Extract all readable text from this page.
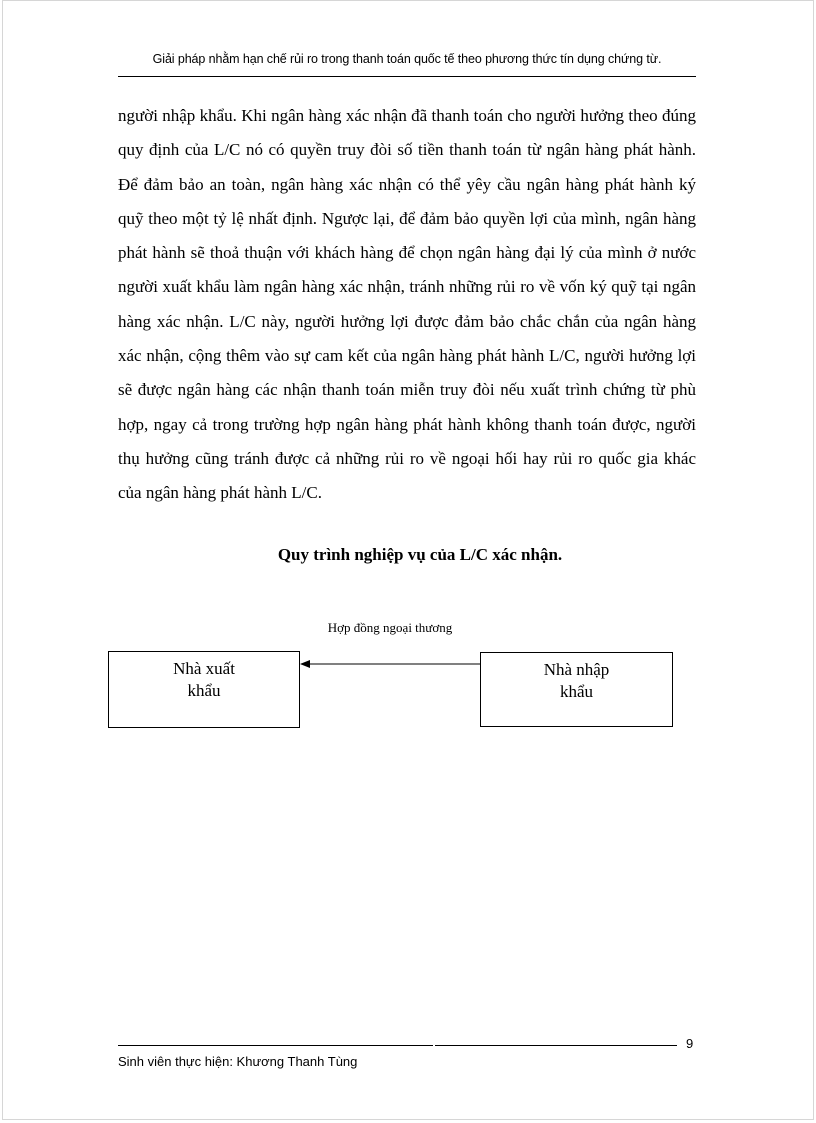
Giải pháp nhằm hạn chế rủi ro trong thanh toán quốc tế theo phương thức tín dụng chứng từ.

người nhập khẩu. Khi ngân hàng xác nhận đã thanh toán cho người hưởng theo đúng quy định của L/C nó có quyền truy đòi số tiền thanh toán từ ngân hàng phát hành. Để đảm bảo an toàn, ngân hàng xác nhận có thể yêy cầu ngân hàng phát hành ký quỹ theo một tỷ lệ nhất định. Ngược lại, để đảm bảo quyền lợi của mình, ngân hàng phát hành sẽ thoả thuận với khách hàng để chọn ngân hàng đại lý của mình ở nước người xuất khẩu làm ngân hàng xác nhận, tránh những rủi ro về vốn ký quỹ tại ngân hàng xác nhận. L/C này, người hưởng lợi được đảm bảo chắc chắn của ngân hàng xác nhận, cộng thêm vào sự cam kết của ngân hàng phát hành L/C, người hưởng lợi sẽ được ngân hàng các nhận thanh toán miễn truy đòi nếu xuất trình chứng từ phù hợp, ngay cả trong trường hợp ngân hàng phát hành không thanh toán được, người thụ hưởng cũng tránh được cả những rủi ro về ngoại hối hay rủi ro quốc gia khác của ngân hàng phát hành L/C.

Quy trình nghiệp vụ của L/C xác nhận.
Hợp đồng ngoại thương
Nhà xuất
khẩu
Nhà nhập
khẩu
9
Sinh viên thực hiện: Khương Thanh Tùng
